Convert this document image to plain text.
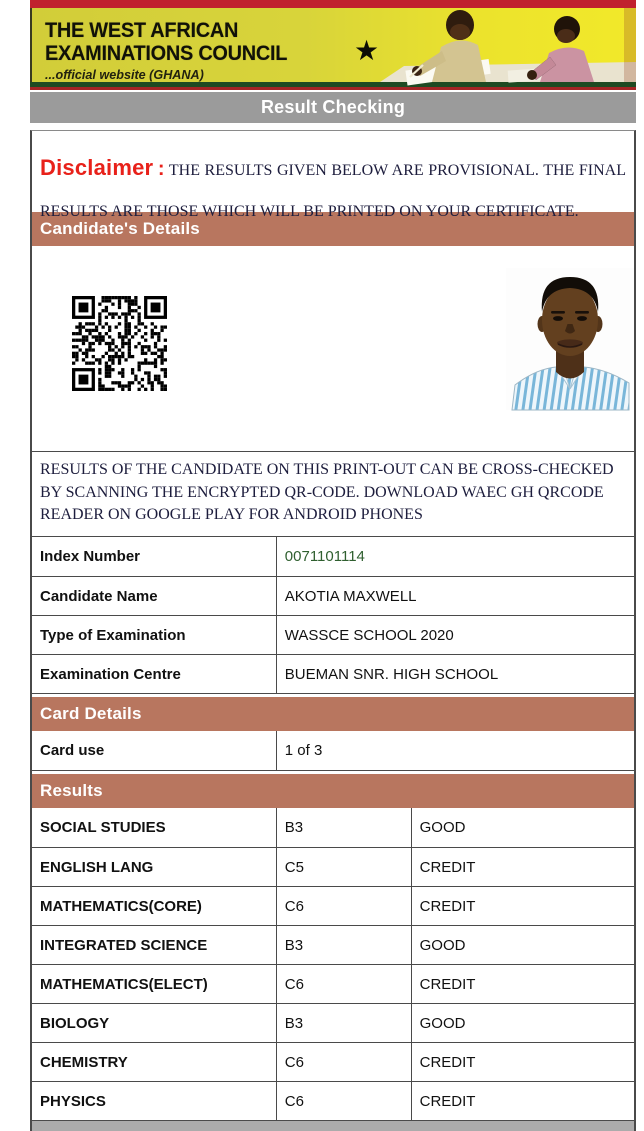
THE WEST AFRICAN
EXAMINATIONS COUNCIL
...official website (GHANA)
★
Result Checking
Disclaimer : THE RESULTS GIVEN BELOW ARE PROVISIONAL. THE FINAL RESULTS ARE THOSE WHICH WILL BE PRINTED ON YOUR CERTIFICATE.
Candidate's Details
RESULTS OF THE CANDIDATE ON THIS PRINT-OUT CAN BE CROSS-CHECKED BY SCANNING THE ENCRYPTED QR-CODE. DOWNLOAD WAEC GH QRCODE READER ON GOOGLE PLAY FOR ANDROID PHONES
Index Number	0071101114
Candidate Name	AKOTIA MAXWELL
Type of Examination	WASSCE SCHOOL 2020
Examination Centre	BUEMAN SNR. HIGH SCHOOL
Card Details
Card use	1 of 3
Results
SOCIAL STUDIES	B3	GOOD
ENGLISH LANG	C5	CREDIT
MATHEMATICS(CORE)	C6	CREDIT
INTEGRATED SCIENCE	B3	GOOD
MATHEMATICS(ELECT)	C6	CREDIT
BIOLOGY	B3	GOOD
CHEMISTRY	C6	CREDIT
PHYSICS	C6	CREDIT
